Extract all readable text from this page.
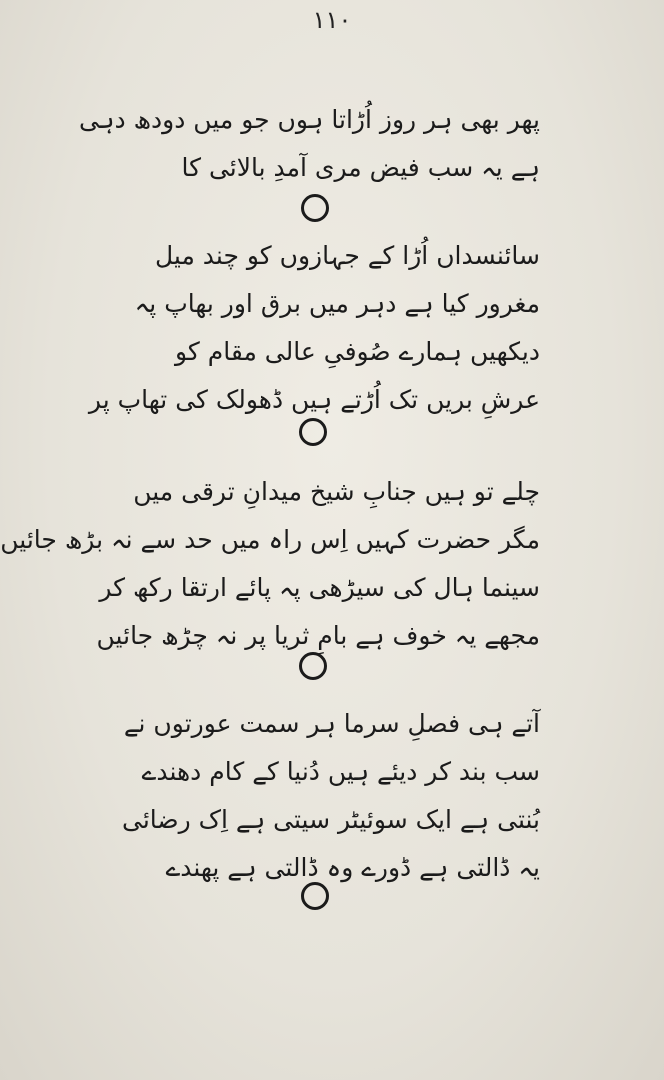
۱۱۰
پھر بھی ہر روز اُڑاتا ہوں جو میں دودھ دہی
ہے یہ سب فیض مری آمدِ بالائی کا
سائنسداں اُڑا کے جہازوں کو چند میل
مغرور کیا ہے دہر میں برق اور بھاپ پہ
دیکھیں ہمارے صُوفیِ عالی مقام کو
عرشِ بریں تک اُڑتے ہیں ڈھولک کی تھاپ پر
چلے تو ہیں جنابِ شیخ میدانِ ترقی میں
مگر حضرت کہیں اِس راہ میں حد سے نہ بڑھ جائیں
سینما ہال کی سیڑھی پہ پائے ارتقا رکھ کر
مجھے یہ خوف ہے بامِ ثریا پر نہ چڑھ جائیں
آتے ہی فصلِ سرما ہر سمت عورتوں نے
سب بند کر دیئے ہیں دُنیا کے کام دھندے
بُنتی ہے ایک سوئیٹر سیتی ہے اِک رضائی
یہ ڈالتی ہے ڈورے وہ ڈالتی ہے پھندے
